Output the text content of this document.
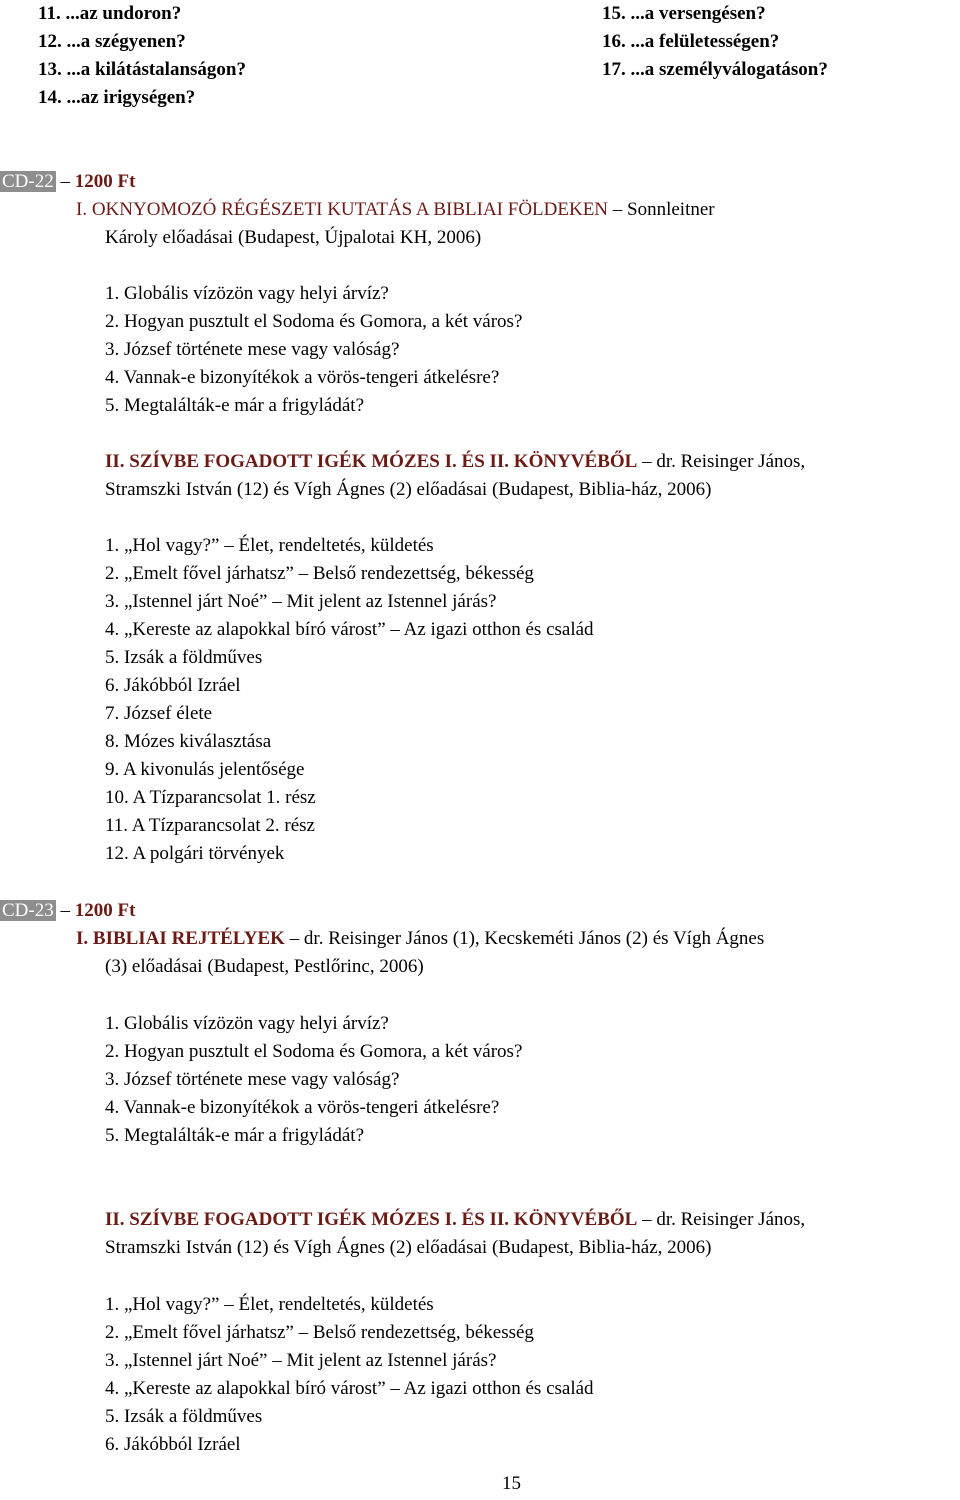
11. ...az undoron?
12. ...a szégyenen?
13. ...a kilátástalanságon?
14. ...az irigységen?
15. ...a versengésen?
16. ...a felületességen?
17. ...a személyválogatáson?
CD-22 – 1200 Ft
I. OKNYOMOZÓ RÉGÉSZETI KUTATÁS A BIBLIAI FÖLDEKEN – Sonnleitner
Károly előadásai (Budapest, Újpalotai KH, 2006)
1. Globális vízözön vagy helyi árvíz?
2. Hogyan pusztult el Sodoma és Gomora, a két város?
3. József története mese vagy valóság?
4. Vannak-e bizonyítékok a vörös-tengeri átkelésre?
5. Megtalálták-e már a frigyládát?
II. SZÍVBE FOGADOTT IGÉK MÓZES I. ÉS II. KÖNYVÉBŐL – dr. Reisinger János,
Stramszki István (12) és Vígh Ágnes (2) előadásai (Budapest, Biblia-ház, 2006)
1. „Hol vagy?” – Élet, rendeltetés, küldetés
2. „Emelt fővel járhatsz” – Belső rendezettség, békesség
3. „Istennel járt Noé” – Mit jelent az Istennel járás?
4. „Kereste az alapokkal bíró várost” – Az igazi otthon és család
5. Izsák a földműves
6. Jákóbból Izráel
7. József élete
8. Mózes kiválasztása
9. A kivonulás jelentősége
10. A Tízparancsolat 1. rész
11. A Tízparancsolat 2. rész
12. A polgári törvények
CD-23 – 1200 Ft
I. BIBLIAI REJTÉLYEK – dr. Reisinger János (1), Kecskeméti János (2) és Vígh Ágnes
(3) előadásai (Budapest, Pestlőrinc, 2006)
1. Globális vízözön vagy helyi árvíz?
2. Hogyan pusztult el Sodoma és Gomora, a két város?
3. József története mese vagy valóság?
4. Vannak-e bizonyítékok a vörös-tengeri átkelésre?
5. Megtalálták-e már a frigyládát?
II. SZÍVBE FOGADOTT IGÉK MÓZES I. ÉS II. KÖNYVÉBŐL – dr. Reisinger János,
Stramszki István (12) és Vígh Ágnes (2) előadásai (Budapest, Biblia-ház, 2006)
1. „Hol vagy?” – Élet, rendeltetés, küldetés
2. „Emelt fővel járhatsz” – Belső rendezettség, békesség
3. „Istennel járt Noé” – Mit jelent az Istennel járás?
4. „Kereste az alapokkal bíró várost” – Az igazi otthon és család
5. Izsák a földműves
6. Jákóbból Izráel
15
